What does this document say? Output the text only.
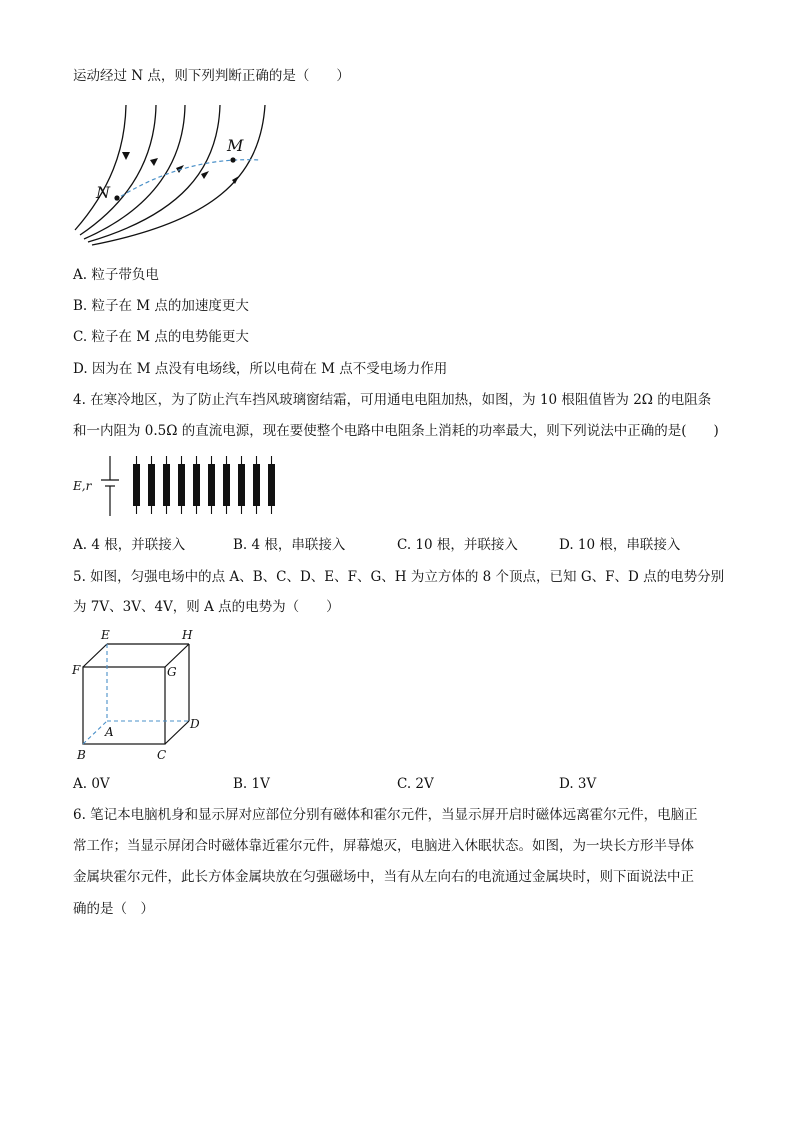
运动经过 N 点，则下列判断正确的是（　　）
N
M
A. 粒子带负电
B. 粒子在 M 点的加速度更大
C. 粒子在 M 点的电势能更大
D. 因为在 M 点没有电场线，所以电荷在 M 点不受电场力作用
4. 在寒冷地区，为了防止汽车挡风玻璃窗结霜，可用通电电阻加热，如图，为 10 根阻值皆为 2Ω 的电阻条
和一内阻为 0.5Ω 的直流电源，现在要使整个电路中电阻条上消耗的功率最大，则下列说法中正确的是(　　)
E,r
A. 4 根，并联接入	B. 4 根，串联接入	C. 10 根，并联接入	D. 10 根，串联接入
5. 如图，匀强电场中的点 A、B、C、D、E、F、G、H 为立方体的 8 个顶点，已知 G、F、D 点的电势分别
为 7V、3V、4V，则 A 点的电势为（　　）
E	H
F	G
A
D
B	C
A. 0V	B. 1V	C. 2V	D. 3V
6. 笔记本电脑机身和显示屏对应部位分别有磁体和霍尔元件，当显示屏开启时磁体远离霍尔元件，电脑正
常工作；当显示屏闭合时磁体靠近霍尔元件，屏幕熄灭，电脑进入休眠状态。如图，为一块长方形半导体
金属块霍尔元件，此长方体金属块放在匀强磁场中，当有从左向右的电流通过金属块时，则下面说法中正
确的是（　）
